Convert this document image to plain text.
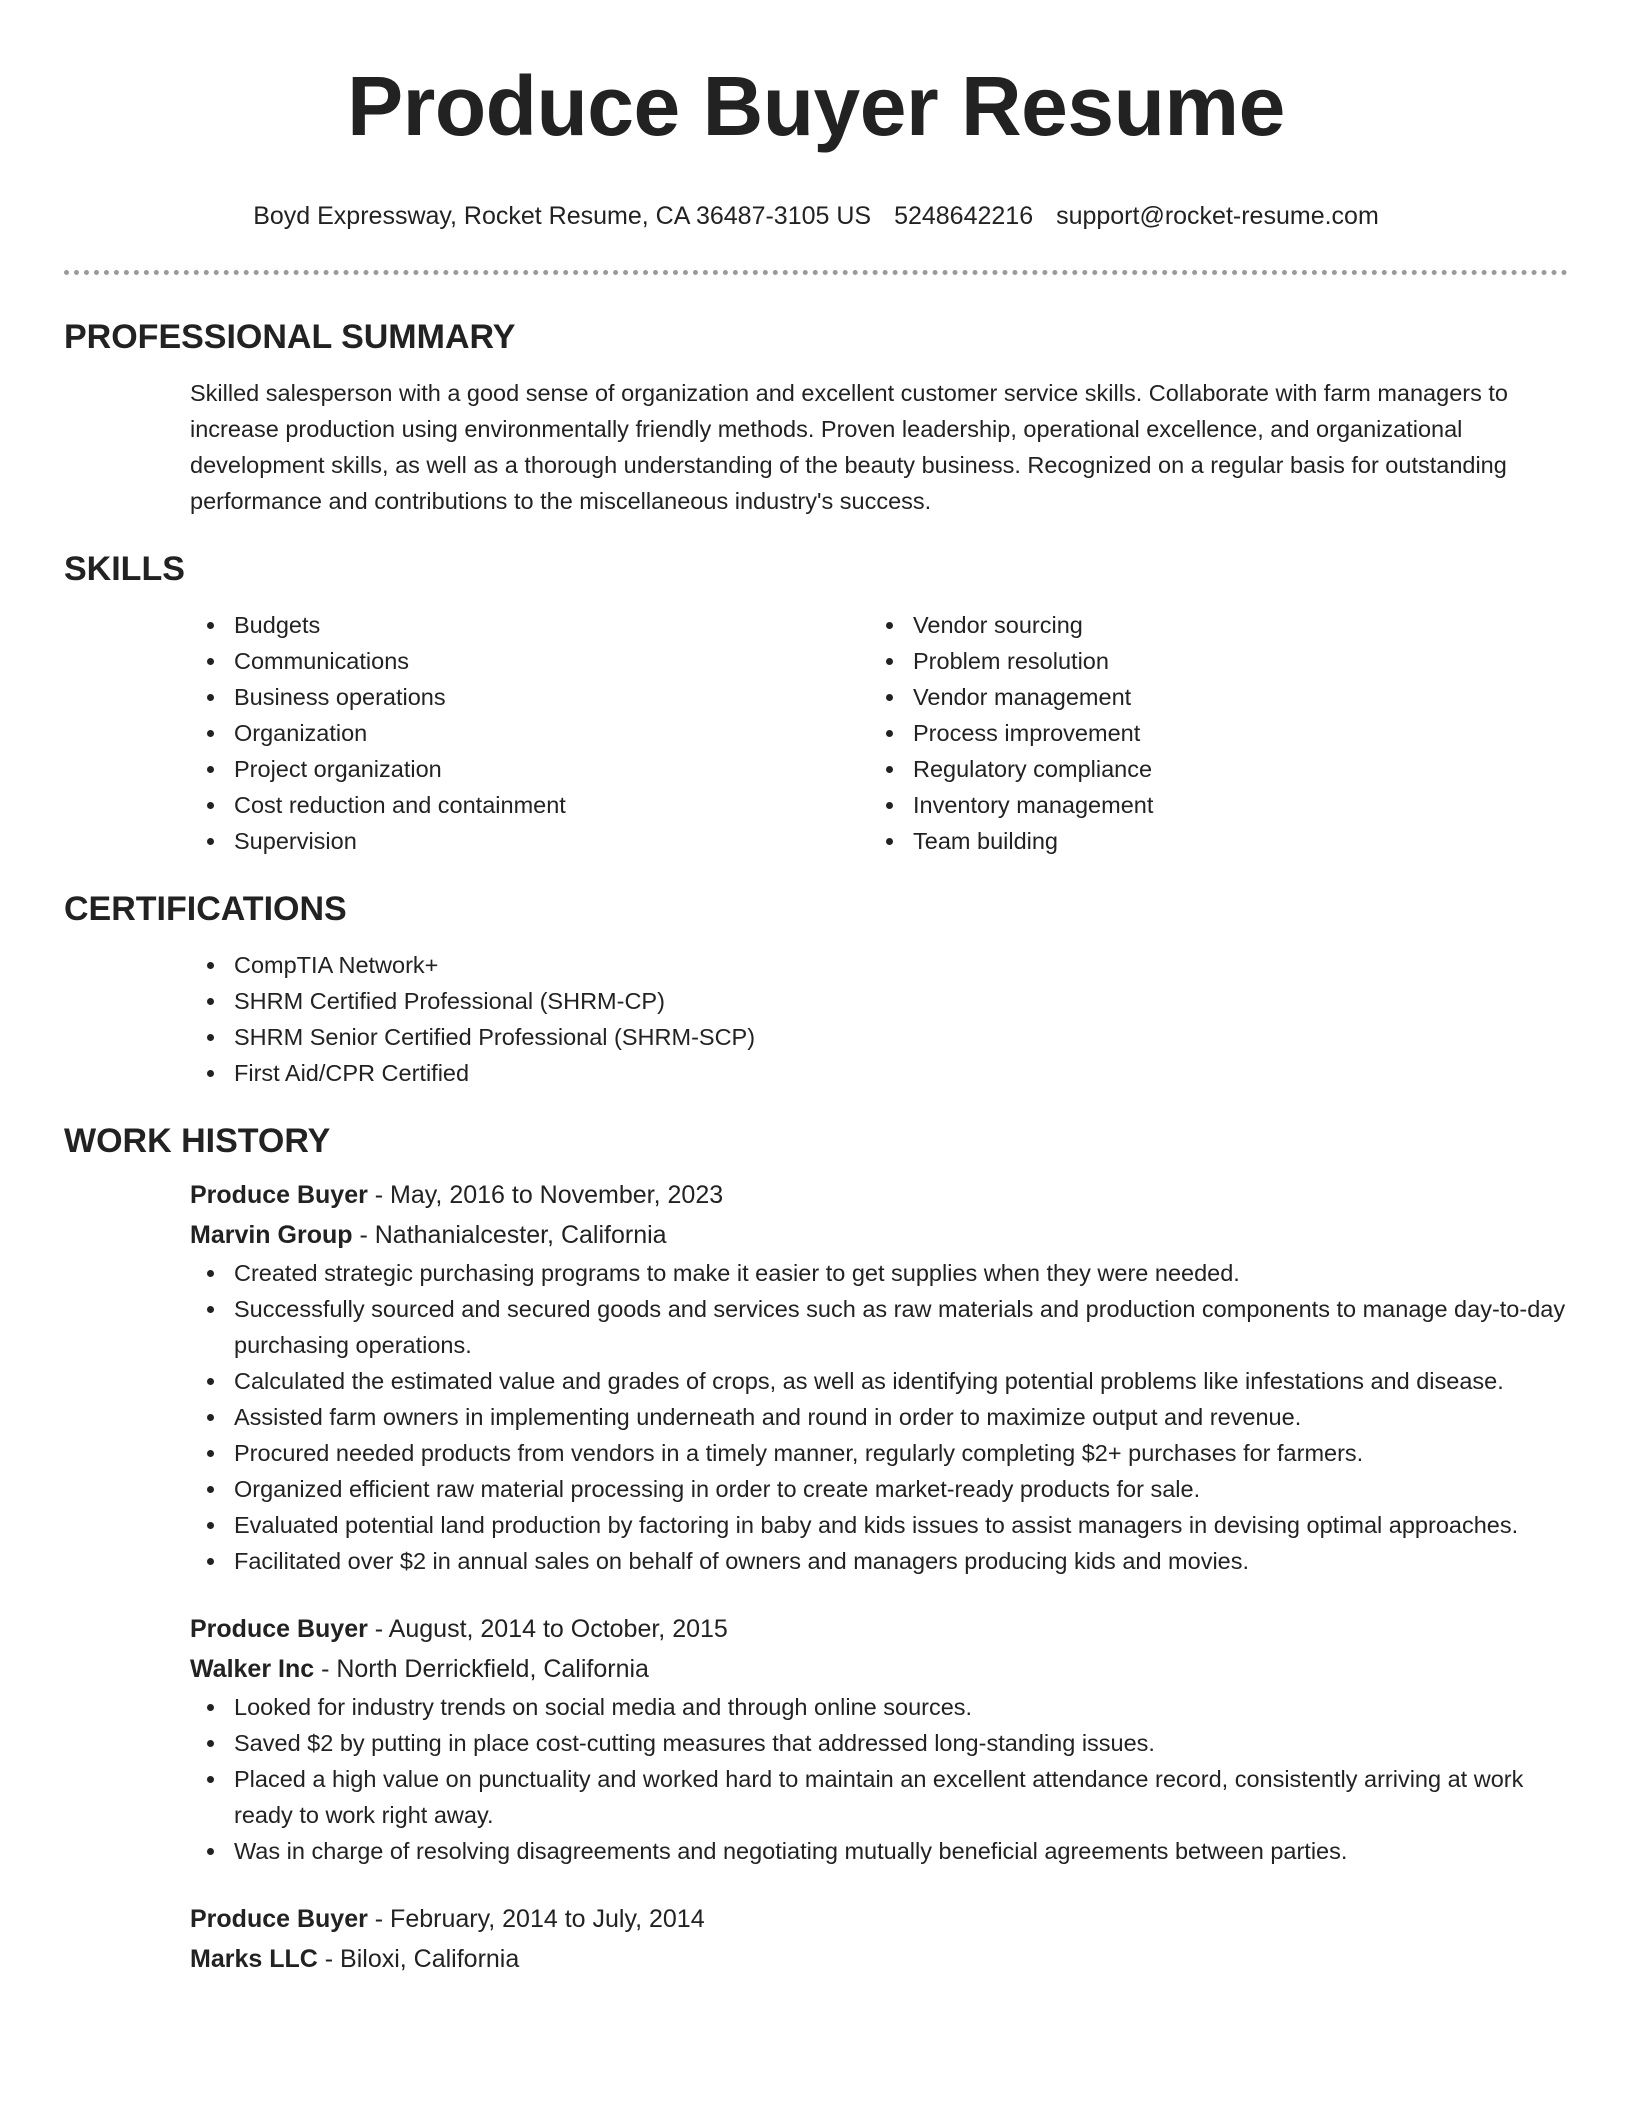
Produce Buyer Resume
Boyd Expressway, Rocket Resume, CA 36487-3105 US 5248642216 support@rocket-resume.com
PROFESSIONAL SUMMARY

Skilled salesperson with a good sense of organization and excellent customer service skills. Collaborate with farm managers to increase production using environmentally friendly methods. Proven leadership, operational excellence, and organizational development skills, as well as a thorough understanding of the beauty business. Recognized on a regular basis for outstanding performance and contributions to the miscellaneous industry's success.

SKILLS
Budgets
Communications
Business operations
Organization
Project organization
Cost reduction and containment
Supervision
Vendor sourcing
Problem resolution
Vendor management
Process improvement
Regulatory compliance
Inventory management
Team building
CERTIFICATIONS
CompTIA Network+
SHRM Certified Professional (SHRM-CP)
SHRM Senior Certified Professional (SHRM-SCP)
First Aid/CPR Certified
WORK HISTORY
Produce Buyer - May, 2016 to November, 2023
Marvin Group - Nathanialcester, California
Created strategic purchasing programs to make it easier to get supplies when they were needed.
Successfully sourced and secured goods and services such as raw materials and production components to manage day-to-day purchasing operations.
Calculated the estimated value and grades of crops, as well as identifying potential problems like infestations and disease.
Assisted farm owners in implementing underneath and round in order to maximize output and revenue.
Procured needed products from vendors in a timely manner, regularly completing $2+ purchases for farmers.
Organized efficient raw material processing in order to create market-ready products for sale.
Evaluated potential land production by factoring in baby and kids issues to assist managers in devising optimal approaches.
Facilitated over $2 in annual sales on behalf of owners and managers producing kids and movies.
Produce Buyer - August, 2014 to October, 2015
Walker Inc - North Derrickfield, California
Looked for industry trends on social media and through online sources.
Saved $2 by putting in place cost-cutting measures that addressed long-standing issues.
Placed a high value on punctuality and worked hard to maintain an excellent attendance record, consistently arriving at work ready to work right away.
Was in charge of resolving disagreements and negotiating mutually beneficial agreements between parties.
Produce Buyer - February, 2014 to July, 2014
Marks LLC - Biloxi, California
